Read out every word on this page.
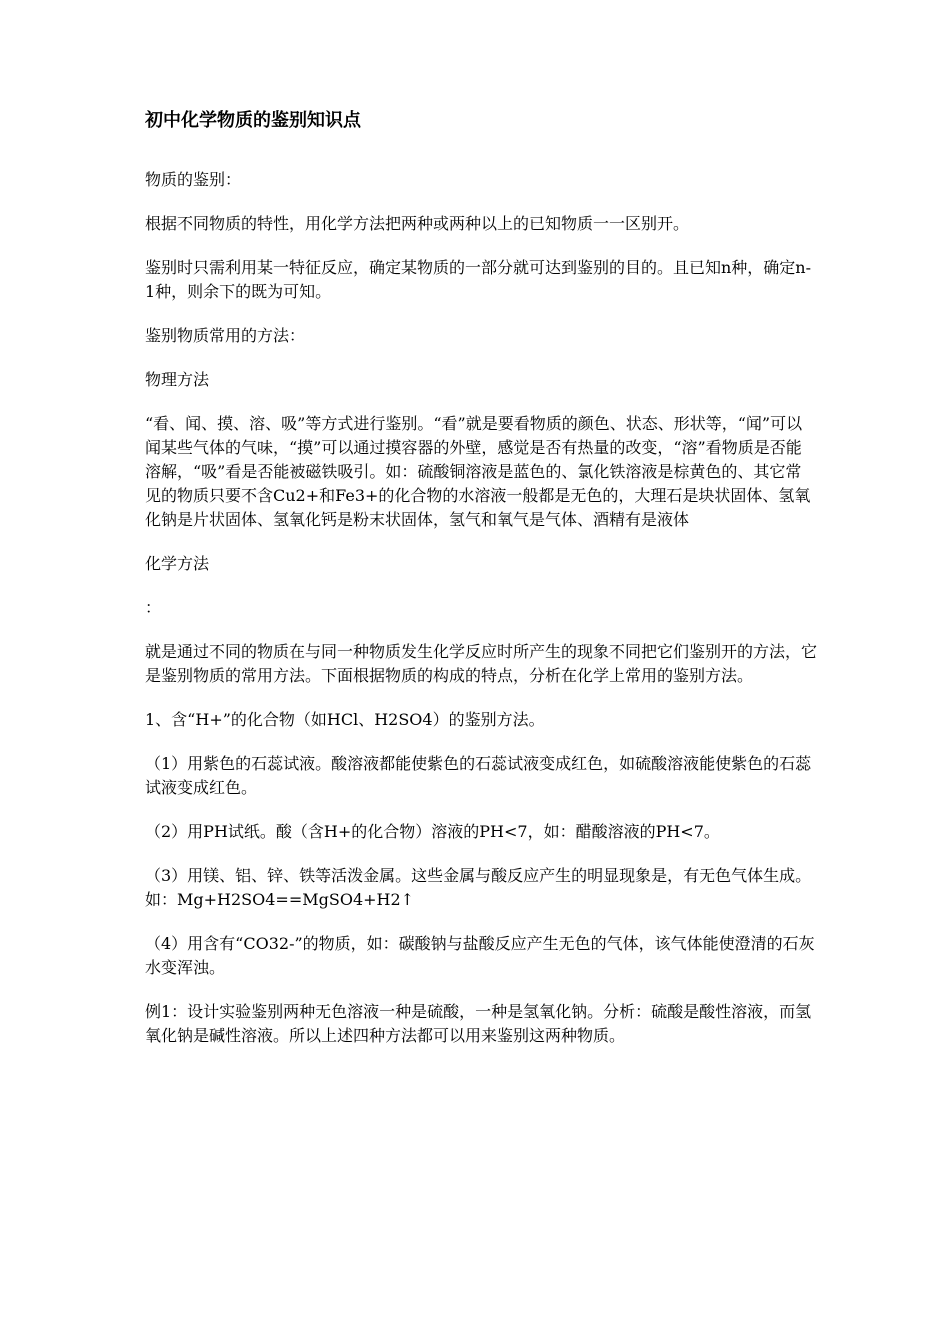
初中化学物质的鉴别知识点
物质的鉴别：
根据不同物质的特性，用化学方法把两种或两种以上的已知物质一一区别开。
鉴别时只需利用某一特征反应，确定某物质的一部分就可达到鉴别的目的。且已知n种，确定n-1种，则余下的既为可知。
鉴别物质常用的方法：
物理方法
“看、闻、摸、溶、吸”等方式进行鉴别。“看”就是要看物质的颜色、状态、形状等，“闻”可以闻某些气体的气味，“摸”可以通过摸容器的外壁，感觉是否有热量的改变，“溶”看物质是否能溶解，“吸”看是否能被磁铁吸引。如：硫酸铜溶液是蓝色的、氯化铁溶液是棕黄色的、其它常见的物质只要不含Cu2+和Fe3+的化合物的水溶液一般都是无色的，大理石是块状固体、氢氧化钠是片状固体、氢氧化钙是粉末状固体，氢气和氧气是气体、酒精有是液体
化学方法
：
就是通过不同的物质在与同一种物质发生化学反应时所产生的现象不同把它们鉴别开的方法，它是鉴别物质的常用方法。下面根据物质的构成的特点，分析在化学上常用的鉴别方法。
1、含“H+”的化合物（如HCl、H2SO4）的鉴别方法。
（1）用紫色的石蕊试液。酸溶液都能使紫色的石蕊试液变成红色，如硫酸溶液能使紫色的石蕊试液变成红色。
（2）用PH试纸。酸（含H+的化合物）溶液的PH<7，如：醋酸溶液的PH<7。
（3）用镁、铝、锌、铁等活泼金属。这些金属与酸反应产生的明显现象是，有无色气体生成。如：Mg+H2SO4==MgSO4+H2↑
（4）用含有“CO32-”的物质，如：碳酸钠与盐酸反应产生无色的气体，该气体能使澄清的石灰水变浑浊。
例1：设计实验鉴别两种无色溶液一种是硫酸，一种是氢氧化钠。分析：硫酸是酸性溶液，而氢氧化钠是碱性溶液。所以上述四种方法都可以用来鉴别这两种物质。
